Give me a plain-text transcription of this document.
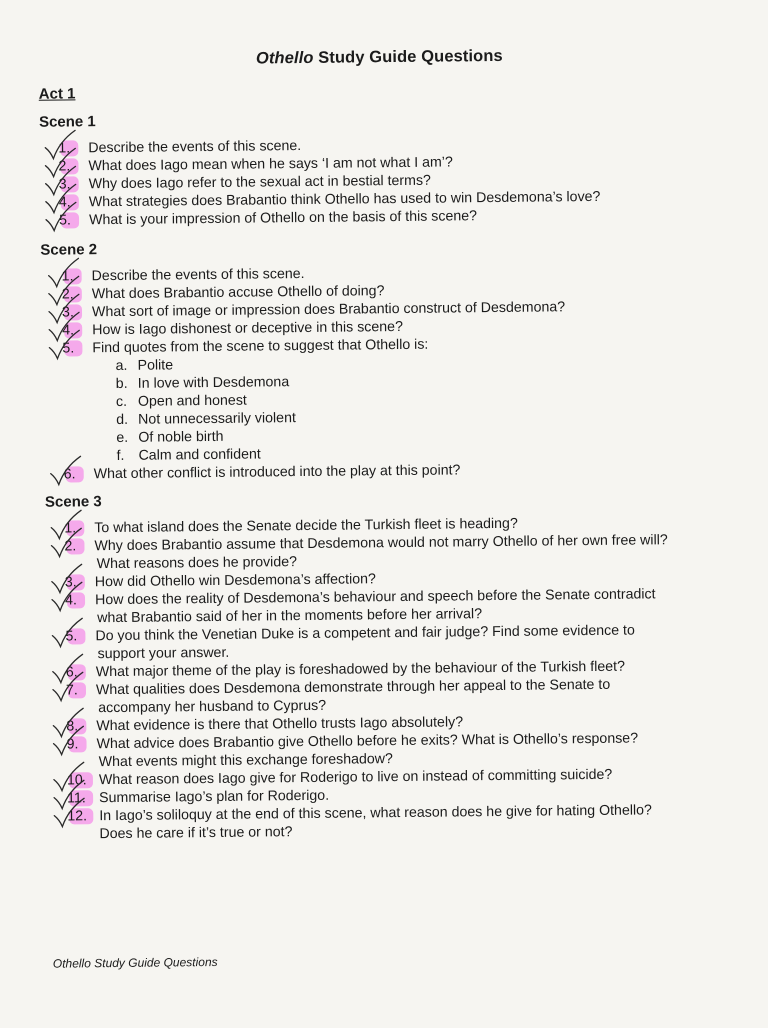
Othello Study Guide Questions
Act 1
Scene 1
1. Describe the events of this scene.
2. What does Iago mean when he says ‘I am not what I am’?
3. Why does Iago refer to the sexual act in bestial terms?
4. What strategies does Brabantio think Othello has used to win Desdemona’s love?
5. What is your impression of Othello on the basis of this scene?
Scene 2
1. Describe the events of this scene.
2. What does Brabantio accuse Othello of doing?
3. What sort of image or impression does Brabantio construct of Desdemona?
4. How is Iago dishonest or deceptive in this scene?
5. Find quotes from the scene to suggest that Othello is:
a. Polite
b. In love with Desdemona
c. Open and honest
d. Not unnecessarily violent
e. Of noble birth
f. Calm and confident
6. What other conflict is introduced into the play at this point?
Scene 3
1. To what island does the Senate decide the Turkish fleet is heading?
2. Why does Brabantio assume that Desdemona would not marry Othello of her own free will?
What reasons does he provide?
3. How did Othello win Desdemona’s affection?
4. How does the reality of Desdemona’s behaviour and speech before the Senate contradict
what Brabantio said of her in the moments before her arrival?
5. Do you think the Venetian Duke is a competent and fair judge? Find some evidence to
support your answer.
6. What major theme of the play is foreshadowed by the behaviour of the Turkish fleet?
7. What qualities does Desdemona demonstrate through her appeal to the Senate to
accompany her husband to Cyprus?
8. What evidence is there that Othello trusts Iago absolutely?
9. What advice does Brabantio give Othello before he exits? What is Othello’s response?
What events might this exchange foreshadow?
10. What reason does Iago give for Roderigo to live on instead of committing suicide?
11. Summarise Iago’s plan for Roderigo.
12. In Iago’s soliloquy at the end of this scene, what reason does he give for hating Othello?
Does he care if it’s true or not?
Othello Study Guide Questions
